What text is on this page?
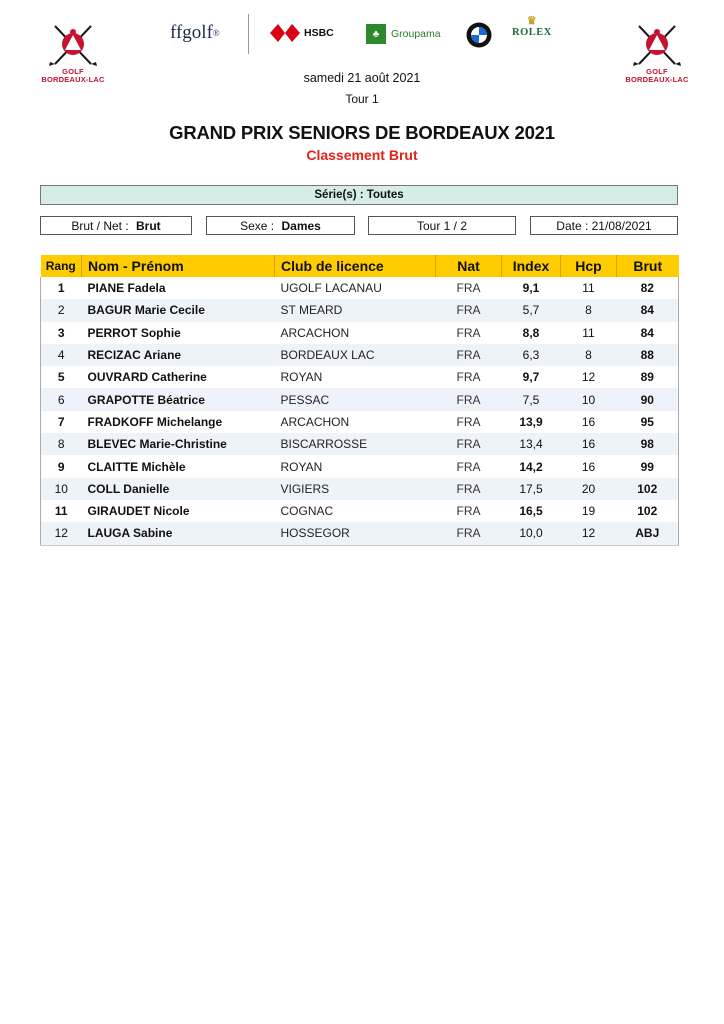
GOLF
BORDEAUX-LAC
GOLF
BORDEAUX-LAC
ffgolf ®	HSBC	♣	Groupama
♛
ROLEX
samedi 21 août 2021
Tour 1
GRAND PRIX SENIORS DE BORDEAUX 2021
Classement Brut
Série(s) : Toutes
Brut / Net : Brut	Sexe : Dames	Tour 1 / 2	Date : 21/08/2021
Rang	Nom - Prénom	Club de licence	Nat	Index	Hcp	Brut
1	PIANE Fadela	UGOLF LACANAU	FRA	9,1	11	82
2	BAGUR Marie Cecile	ST MEARD	FRA	5,7	8	84
3	PERROT Sophie	ARCACHON	FRA	8,8	11	84
4	RECIZAC Ariane	BORDEAUX LAC	FRA	6,3	8	88
5	OUVRARD Catherine	ROYAN	FRA	9,7	12	89
6	GRAPOTTE Béatrice	PESSAC	FRA	7,5	10	90
7	FRADKOFF Michelange	ARCACHON	FRA	13,9	16	95
8	BLEVEC Marie-Christine	BISCARROSSE	FRA	13,4	16	98
9	CLAITTE Michèle	ROYAN	FRA	14,2	16	99
10	COLL Danielle	VIGIERS	FRA	17,5	20	102
11	GIRAUDET Nicole	COGNAC	FRA	16,5	19	102
12	LAUGA Sabine	HOSSEGOR	FRA	10,0	12	ABJ
